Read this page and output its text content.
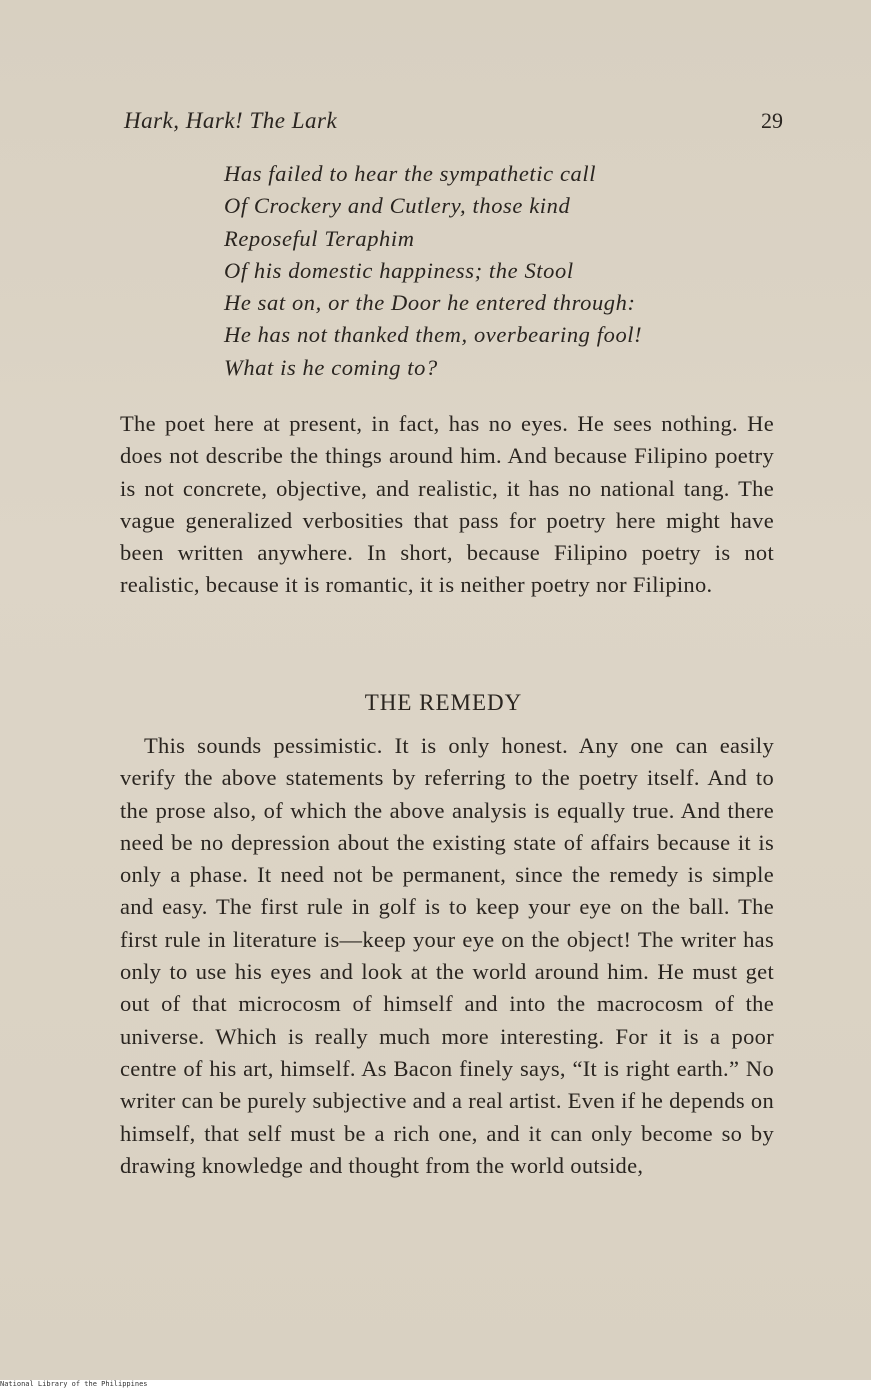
Hark, Hark! The Lark	29
Has failed to hear the sympathetic call
Of Crockery and Cutlery, those kind
Reposeful Teraphim
Of his domestic happiness; the Stool
He sat on, or the Door he entered through:
He has not thanked them, overbearing fool!
What is he coming to?

The poet here at present, in fact, has no eyes. He sees nothing. He does not describe the things around him. And because Filipino poetry is not concrete, objective, and realistic, it has no national tang. The vague generalized verbosities that pass for poetry here might have been written anywhere. In short, because Filipino poetry is not realistic, because it is romantic, it is neither poetry nor Filipino.

THE REMEDY

This sounds pessimistic. It is only honest. Any one can easily verify the above statements by referring to the poetry itself. And to the prose also, of which the above analysis is equally true. And there need be no depression about the existing state of affairs because it is only a phase. It need not be permanent, since the remedy is simple and easy. The first rule in golf is to keep your eye on the ball. The first rule in literature is—keep your eye on the object! The writer has only to use his eyes and look at the world around him. He must get out of that microcosm of himself and into the macrocosm of the universe. Which is really much more interesting. For it is a poor centre of his art, himself. As Bacon finely says, “It is right earth.” No writer can be purely subjective and a real artist. Even if he depends on himself, that self must be a rich one, and it can only become so by drawing knowledge and thought from the world outside,

National Library of the Philippines
